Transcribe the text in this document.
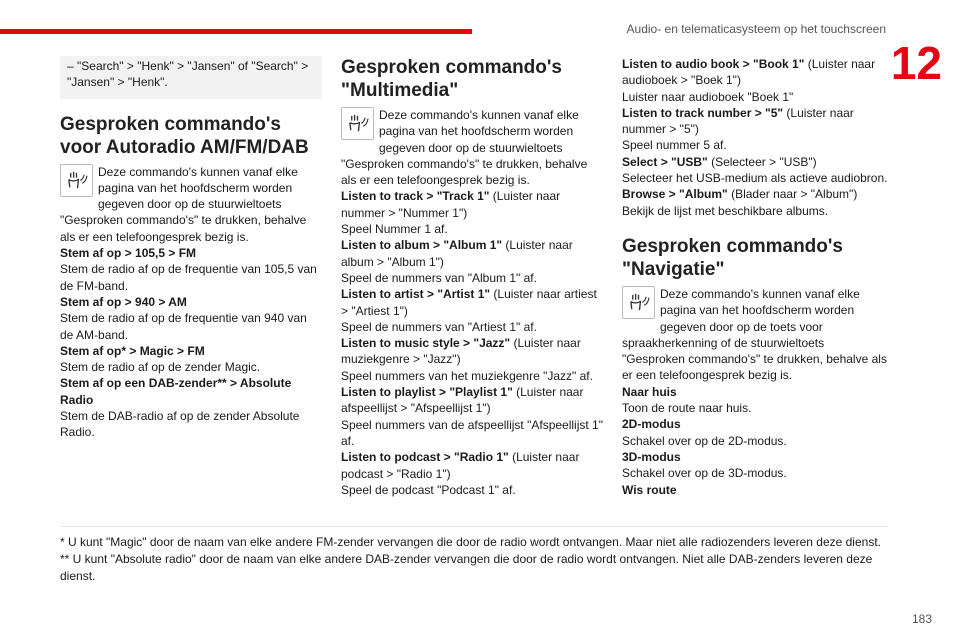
Audio- en telematicasysteem op het touchscreen
12

– "Search" > "Henk" > "Jansen" of "Search" > "Jansen" > "Henk".

Gesproken commando's voor Autoradio AM/FM/DAB

Deze commando's kunnen vanaf elke pagina van het hoofdscherm worden gegeven door op de stuurwieltoets "Gesproken commando's" te drukken, behalve als er een telefoongesprek bezig is.

Stem af op > 105,5 > FM

Stem de radio af op de frequentie van 105,5 van de FM-band.

Stem af op > 940 > AM

Stem de radio af op de frequentie van 940 van de AM-band.

Stem af op* > Magic > FM

Stem de radio af op de zender Magic.

Stem af op een DAB-zender** > Absolute Radio

Stem de DAB-radio af op de zender Absolute Radio.

Gesproken commando's "Multimedia"

Deze commando's kunnen vanaf elke pagina van het hoofdscherm worden gegeven door op de stuurwieltoets "Gesproken commando's" te drukken, behalve als er een telefoongesprek bezig is.

Listen to track > "Track 1" (Luister naar nummer > "Nummer 1")

Speel Nummer 1 af.

Listen to album > "Album 1" (Luister naar album > "Album 1")

Speel de nummers van "Album 1" af.

Listen to artist > "Artist 1" (Luister naar artiest > "Artiest 1")

Speel de nummers van "Artiest 1" af.

Listen to music style > "Jazz" (Luister naar muziekgenre > "Jazz")

Speel nummers van het muziekgenre "Jazz" af.

Listen to playlist > "Playlist 1" (Luister naar afspeellijst > "Afspeellijst 1")

Speel nummers van de afspeellijst "Afspeellijst 1" af.

Listen to podcast > "Radio 1" (Luister naar podcast > "Radio 1")

Speel de podcast "Podcast 1" af.

Listen to audio book > "Book 1" (Luister naar audioboek > "Boek 1")

Luister naar audioboek "Boek 1"

Listen to track number > "5" (Luister naar nummer > "5")

Speel nummer 5 af.

Select > "USB" (Selecteer > "USB")

Selecteer het USB-medium als actieve audiobron.

Browse > "Album" (Blader naar > "Album")

Bekijk de lijst met beschikbare albums.

Gesproken commando's "Navigatie"

Deze commando's kunnen vanaf elke pagina van het hoofdscherm worden gegeven door op de toets voor spraakherkenning of de stuurwieltoets "Gesproken commando's" te drukken, behalve als er een telefoongesprek bezig is.

Naar huis

Toon de route naar huis.

2D-modus

Schakel over op de 2D-modus.

3D-modus

Schakel over op de 3D-modus.

Wis route

* U kunt "Magic" door de naam van elke andere FM-zender vervangen die door de radio wordt ontvangen. Maar niet alle radiozenders leveren deze dienst.

** U kunt "Absolute radio" door de naam van elke andere DAB-zender vervangen die door de radio wordt ontvangen. Niet alle DAB-zenders leveren deze dienst.

183
